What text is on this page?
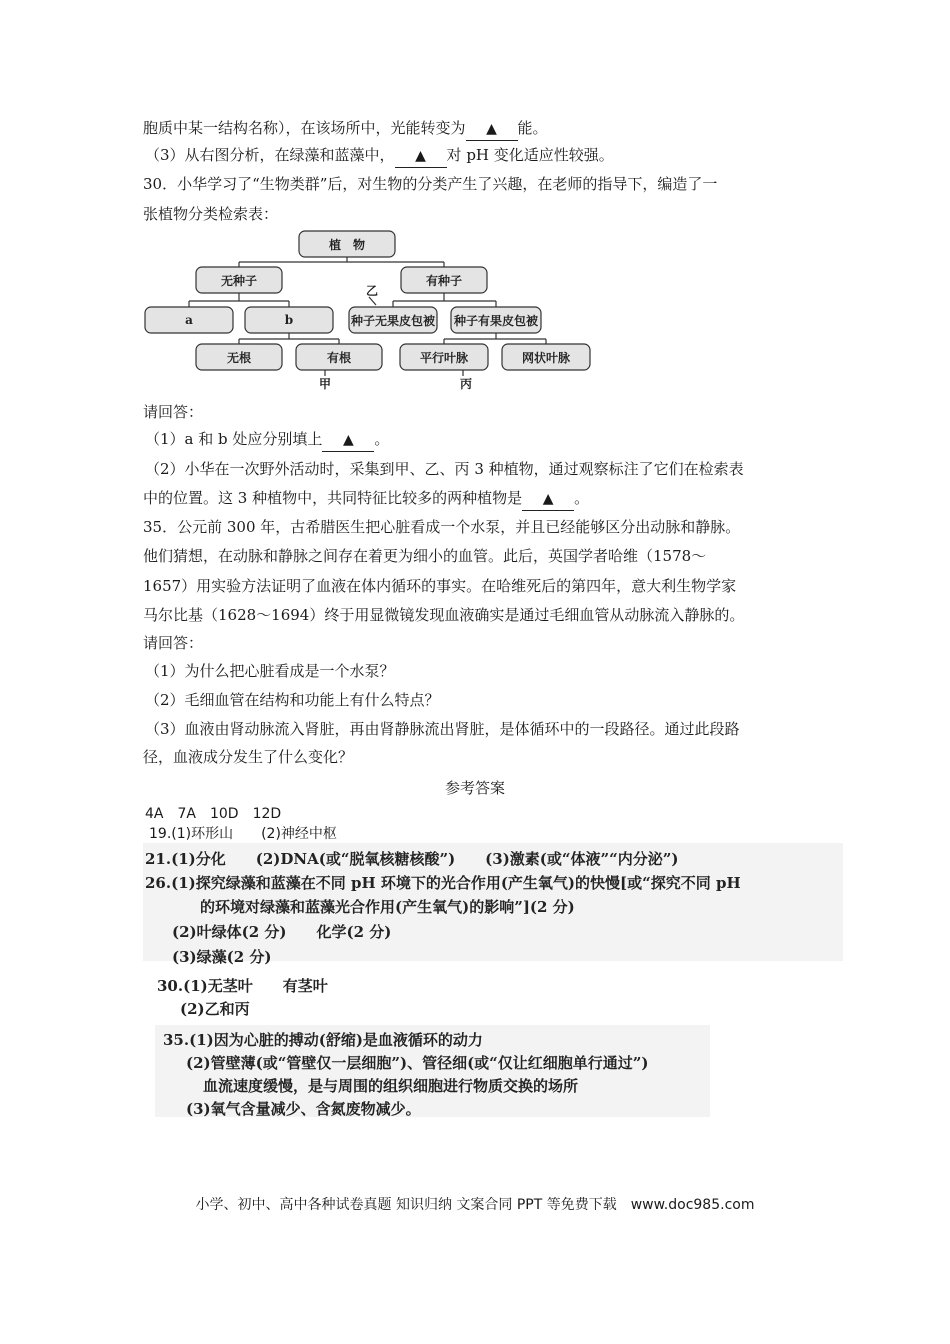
胞质中某一结构名称），在该场所中，光能转变为 ▲ 能。
（3）从右图分析，在绿藻和蓝藻中， ▲ 对 pH 变化适应性较强。
30．小华学习了“生物类群”后，对生物的分类产生了兴趣，在老师的指导下，编造了一
张植物分类检索表：
植　物
无种子	有种子
a	b	种子无果皮包被 种子有果皮包被
无根	有根	平行叶脉	网状叶脉
乙
甲	丙
请回答：
（1）a 和 b 处应分别填上 ▲ 。
（2）小华在一次野外活动时，采集到甲、乙、丙 3 种植物，通过观察标注了它们在检索表
中的位置。这 3 种植物中，共同特征比较多的两种植物是 ▲ 。
35．公元前 300 年，古希腊医生把心脏看成一个水泵，并且已经能够区分出动脉和静脉。
他们猜想，在动脉和静脉之间存在着更为细小的血管。此后，英国学者哈维（1578～
1657）用实验方法证明了血液在体内循环的事实。在哈维死后的第四年，意大利生物学家
马尔比基（1628～1694）终于用显微镜发现血液确实是通过毛细血管从动脉流入静脉的。
请回答：
（1）为什么把心脏看成是一个水泵？
（2）毛细血管在结构和功能上有什么特点？
（3）血液由肾动脉流入肾脏，再由肾静脉流出肾脏，是体循环中的一段路径。通过此段路
径，血液成分发生了什么变化？
参考答案
4A　7A　10D　12D
19.(1)环形山　　(2)神经中枢
21.(1)分化　　(2)DNA(或“脱氧核糖核酸”)　　(3)激素(或“体液”“内分泌”)
26.(1)探究绿藻和蓝藻在不同 pH 环境下的光合作用(产生氧气)的快慢[或“探究不同 pH
的环境对绿藻和蓝藻光合作用(产生氧气)的影响”](2 分)
(2)叶绿体(2 分)　　化学(2 分)
(3)绿藻(2 分)
30.(1)无茎叶　　有茎叶
(2)乙和丙
35.(1)因为心脏的搏动(舒缩)是血液循环的动力
(2)管壁薄(或“管壁仅一层细胞”)、管径细(或“仅让红细胞单行通过”)
血流速度缓慢，是与周围的组织细胞进行物质交换的场所
(3)氧气含量减少、含氮废物减少。
小学、初中、高中各种试卷真题 知识归纳 文案合同 PPT 等免费下载　www.doc985.com
